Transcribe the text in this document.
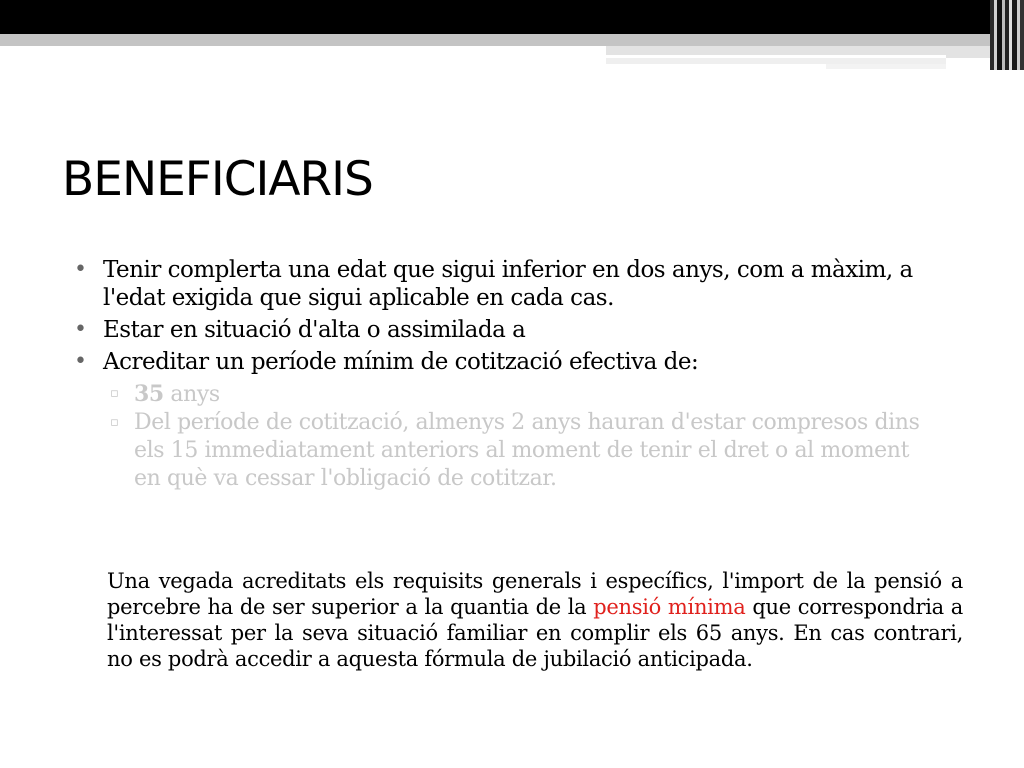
BENEFICIARIS
• Tenir complerta una edat que sigui inferior en dos anys, com a màxim, a l'edat exigida que sigui aplicable en cada cas.
• Estar en situació d'alta o assimilada a
• Acreditar un període mínim de cotització efectiva de:
▫ 35 anys
▫ Del període de cotització, almenys 2 anys hauran d'estar compresos dins els 15 immediatament anteriors al moment de tenir el dret o al moment en què va cessar l'obligació de cotitzar.

Una vegada acreditats els requisits generals i específics, l'import de la pensió a percebre ha de ser superior a la quantia de la pensió mínima que correspondria a l'interessat per la seva situació familiar en complir els 65 anys. En cas contrari, no es podrà accedir a aquesta fórmula de jubilació anticipada.
